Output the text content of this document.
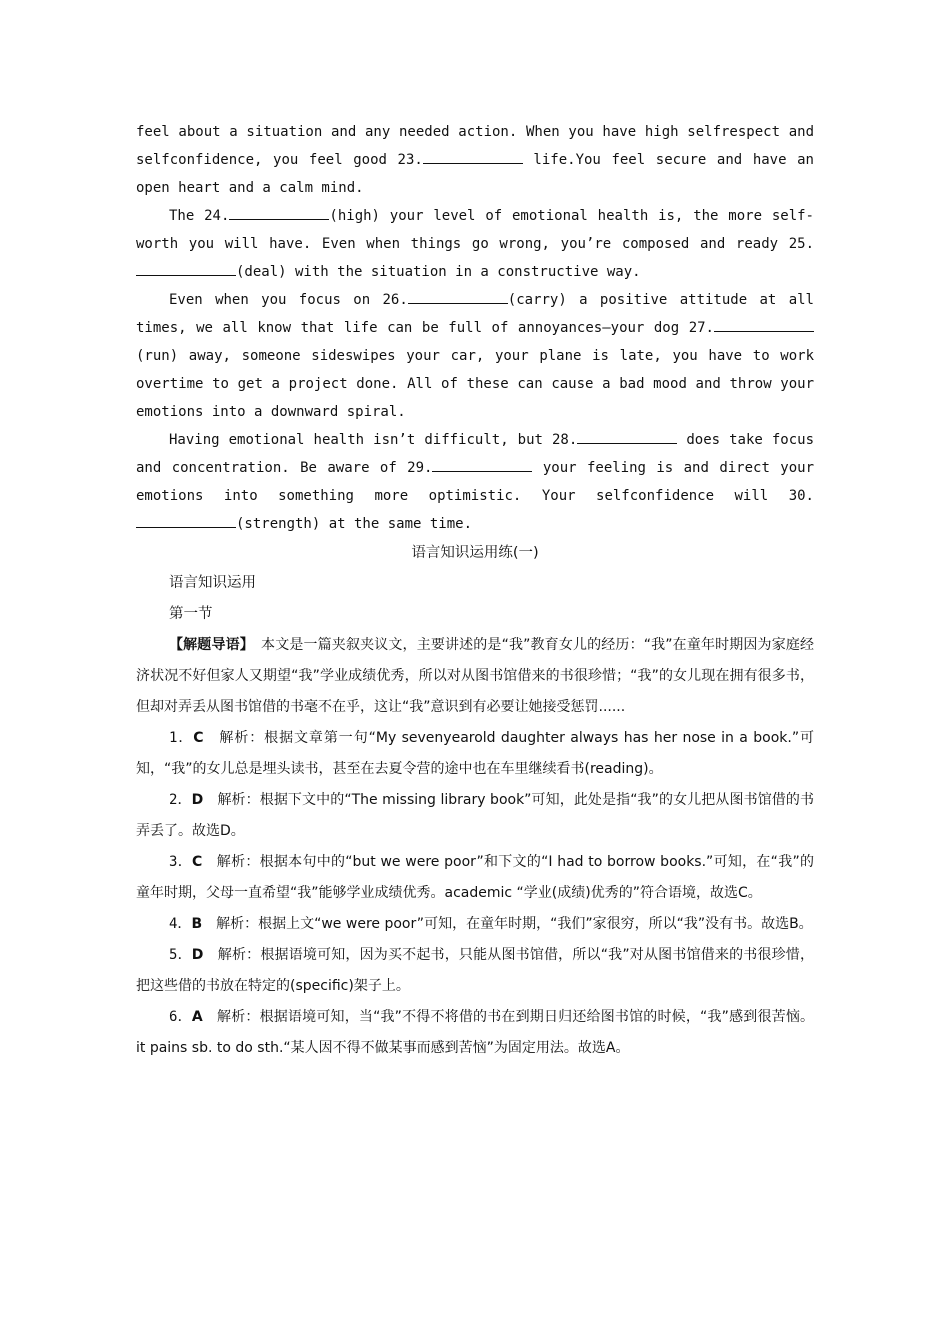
feel about a situation and any needed action. When you have high selfrespect and selfconfidence, you feel good 23.	life.You feel secure and have an open heart and a calm mind.

The 24.	(high) your level of emotional health is, the more self-worth you will have. Even when things go wrong, you’re composed and ready 25.(deal) with the situation in a constructive way.

Even when you focus on 26.	(carry) a positive attitude at all times, we all know that life can be full of annoyances—your dog 27.(run) away, someone sideswipes your car, your plane is late, you have to work overtime to get a project done. All of these can cause a bad mood and throw your emotions into a downward spiral.

Having emotional health isn’t difficult, but 28.	does take focus and concentration. Be aware of 29.	your feeling is and direct your emotions into something more optimistic. Your selfconfidence will 30.(strength) at the same time.

语言知识运用练(一)

语言知识运用

第一节

【解题导语】　本文是一篇夹叙夹议文，主要讲述的是“我”教育女儿的经历：“我”在童年时期因为家庭经济状况不好但家人又期望“我”学业成绩优秀，所以对从图书馆借来的书很珍惜；“我”的女儿现在拥有很多书，但却对弄丢从图书馆借的书毫不在乎，这让“我”意识到有必要让她接受惩罚......

1．C　解析：根据文章第一句“My sevenyearold daughter always has her nose in a book.”可知，“我”的女儿总是埋头读书，甚至在去夏令营的途中也在车里继续看书(reading)。

2．D　解析：根据下文中的“The missing library book”可知，此处是指“我”的女儿把从图书馆借的书弄丢了。故选D。

3．C　解析：根据本句中的“but we were poor”和下文的“I had to borrow books.”可知，在“我”的童年时期，父母一直希望“我”能够学业成绩优秀。academic “学业(成绩)优秀的”符合语境，故选C。

4．B　解析：根据上文“we were poor”可知，在童年时期，“我们”家很穷，所以“我”没有书。故选B。

5．D　解析：根据语境可知，因为买不起书，只能从图书馆借，所以“我”对从图书馆借来的书很珍惜，把这些借的书放在特定的(specific)架子上。

6．A　解析：根据语境可知，当“我”不得不将借的书在到期日归还给图书馆的时候，“我”感到很苦恼。it pains sb. to do sth.“某人因不得不做某事而感到苦恼”为固定用法。故选A。
